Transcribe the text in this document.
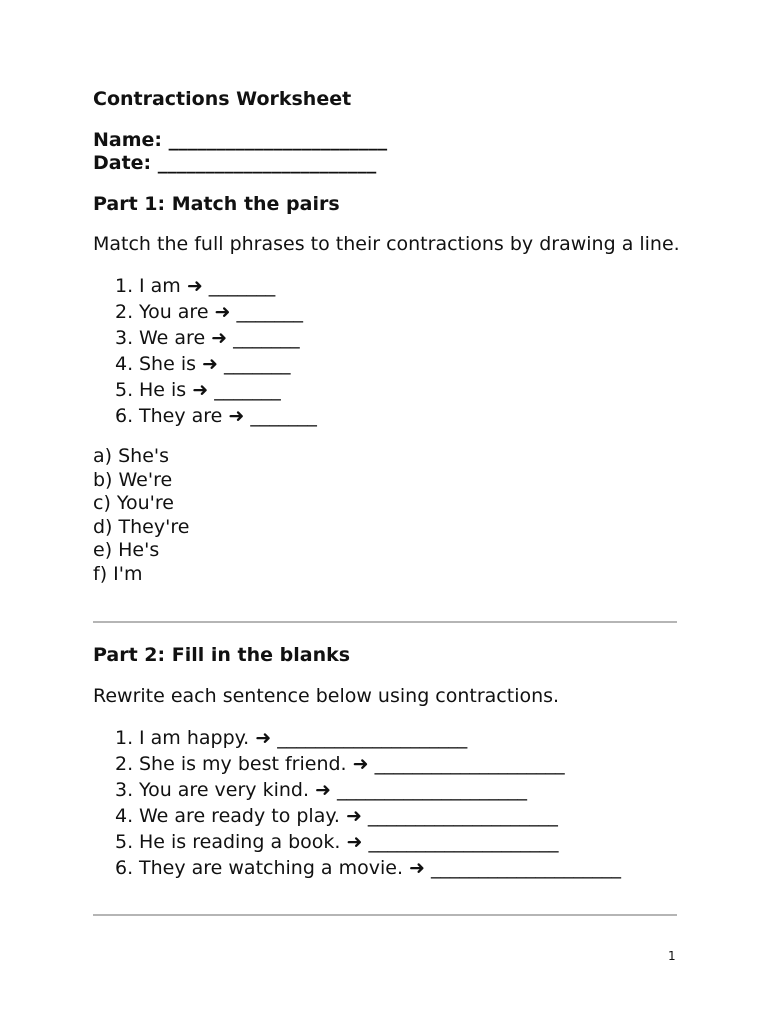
Contractions Worksheet
Name: _______________________
Date: _______________________
Part 1: Match the pairs

Match the full phrases to their contractions by drawing a line.

1. I am ➜ _______
2. You are ➜ _______
3. We are ➜ _______
4. She is ➜ _______
5. He is ➜ _______
6. They are ➜ _______
a) She's
b) We're
c) You're
d) They're
e) He's
f) I'm
Part 2: Fill in the blanks

Rewrite each sentence below using contractions.

1. I am happy. ➜ ____________________
2. She is my best friend. ➜ ____________________
3. You are very kind. ➜ ____________________
4. We are ready to play. ➜ ____________________
5. He is reading a book. ➜ ____________________
6. They are watching a movie. ➜ ____________________
1
